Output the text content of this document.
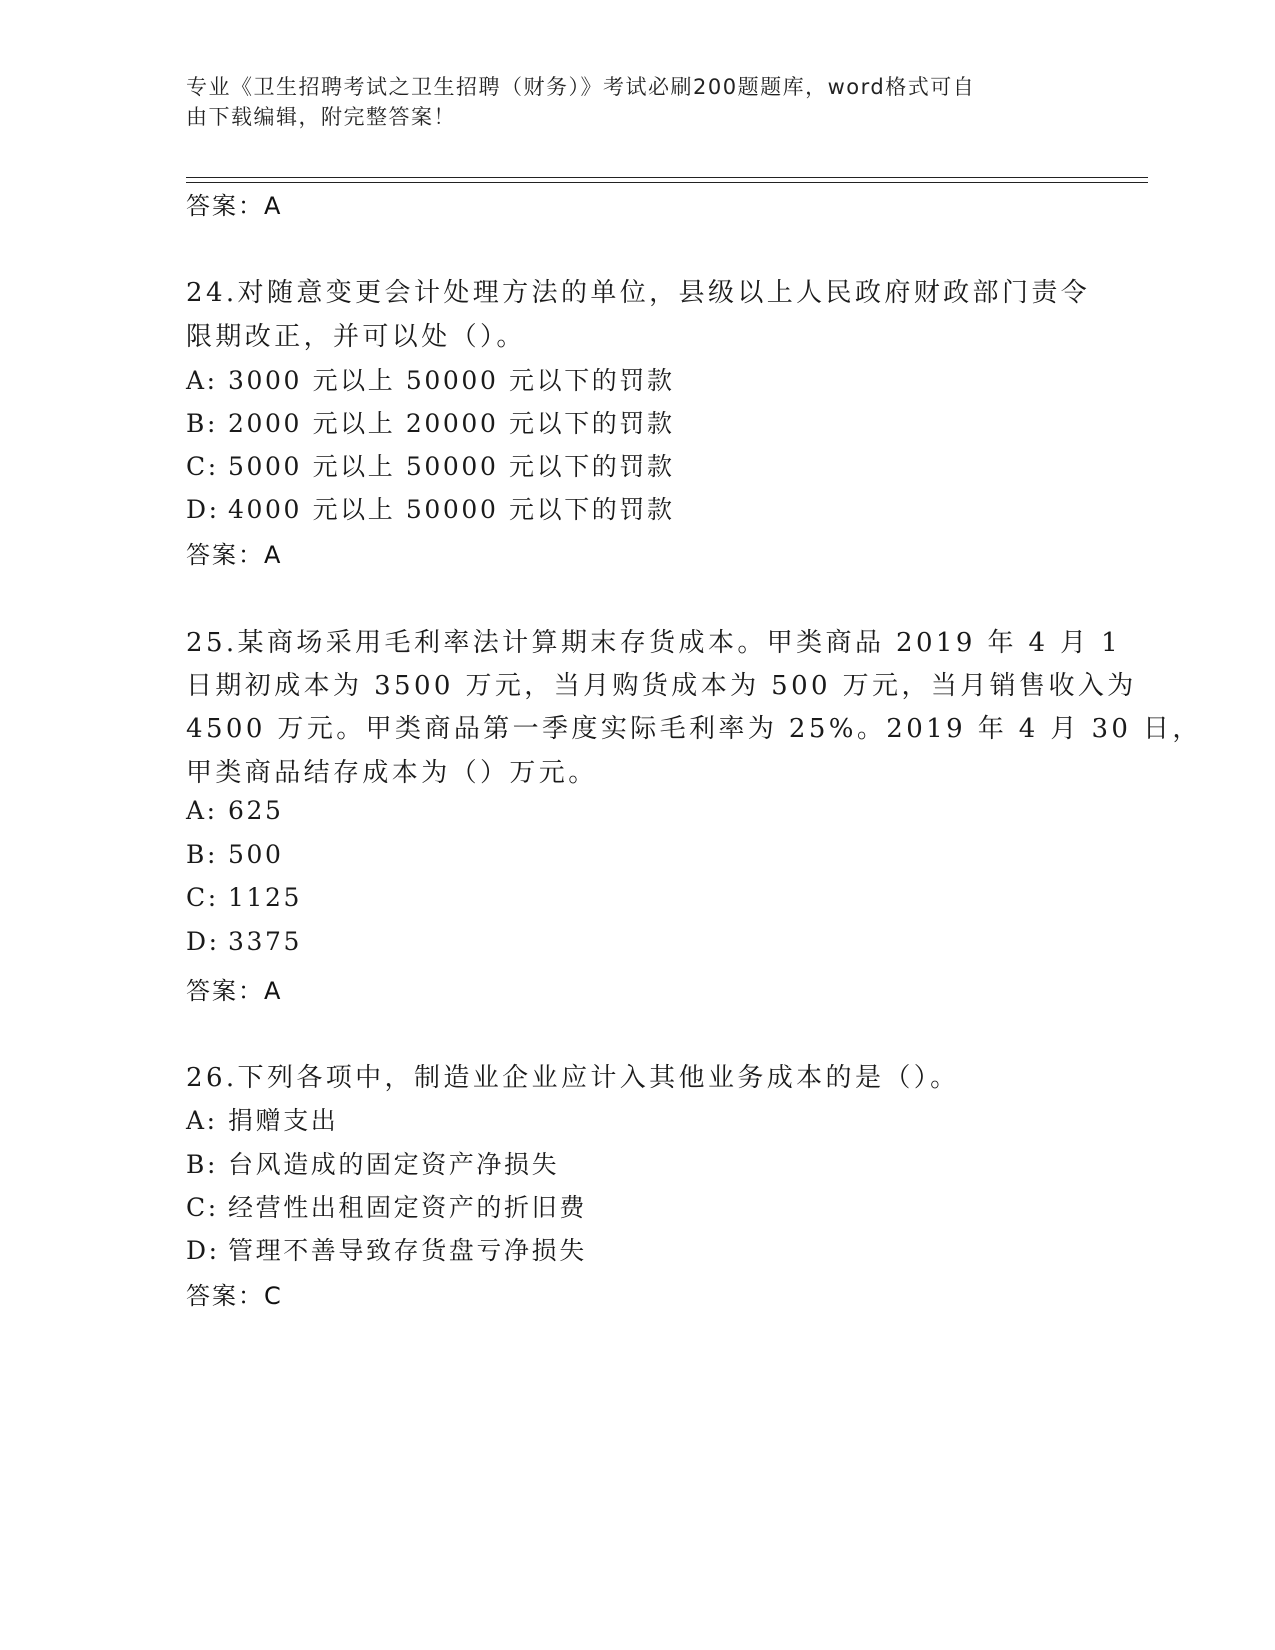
专业《卫生招聘考试之卫生招聘（财务）》考试必刷200题题库，word格式可自
由下载编辑，附完整答案！
答案：A
24.对随意变更会计处理方法的单位，县级以上人民政府财政部门责令
限期改正，并可以处（）。
A: 3000 元以上 50000 元以下的罚款
B: 2000 元以上 20000 元以下的罚款
C: 5000 元以上 50000 元以下的罚款
D: 4000 元以上 50000 元以下的罚款
答案：A
25.某商场采用毛利率法计算期末存货成本。甲类商品 2019 年 4 月 1
日期初成本为 3500 万元，当月购货成本为 500 万元，当月销售收入为
4500 万元。甲类商品第一季度实际毛利率为 25%。2019 年 4 月 30 日，
甲类商品结存成本为（）万元。
A: 625
B: 500
C: 1125
D: 3375
答案：A
26.下列各项中，制造业企业应计入其他业务成本的是（）。
A: 捐赠支出
B: 台风造成的固定资产净损失
C: 经营性出租固定资产的折旧费
D: 管理不善导致存货盘亏净损失
答案：C
